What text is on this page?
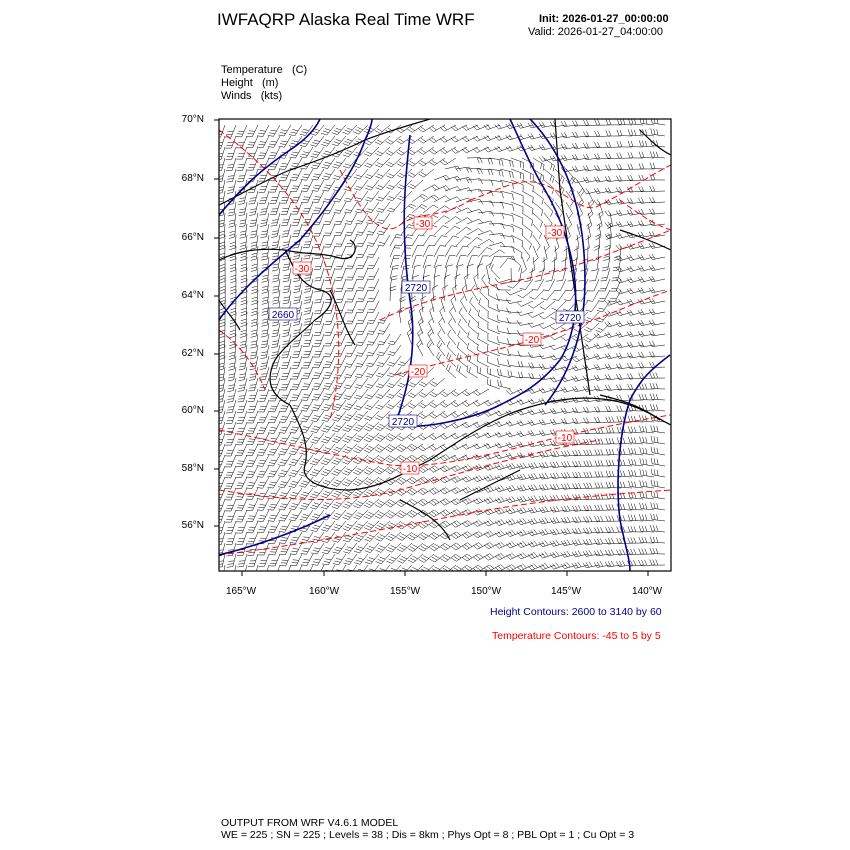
IWFAQRP Alaska Real Time WRF	Init: 2026-01-27_00:00:00
Valid: 2026-01-27_04:00:00
Temperature (C)
Height (m)
Winds (kts)
2720
2660	2720
2720
-30
-30
-30
-20
-20
-10
-10
70°N
68°N
66°N
64°N
62°N
60°N
58°N
56°N
165°W	160°W	155°W	150°W	145°W	140°W
Height Contours: 2600 to 3140 by 60
Temperature Contours: -45 to 5 by 5
OUTPUT FROM WRF V4.6.1 MODEL
WE = 225 ; SN = 225 ; Levels = 38 ; Dis = 8km ; Phys Opt = 8 ; PBL Opt = 1 ; Cu Opt = 3
